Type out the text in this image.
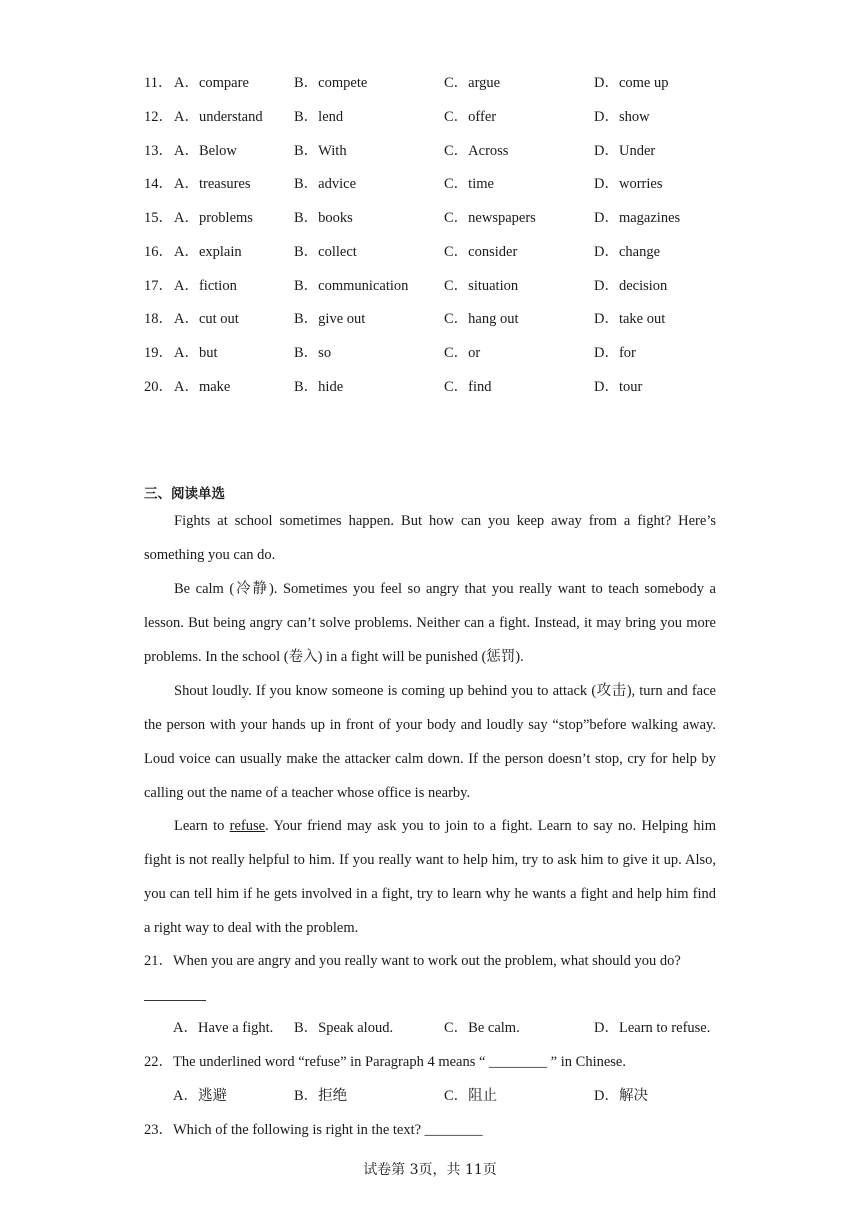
11． A．compare	B．compete	C．argue	D．come up
12． A．understand B．lend	C．offer	D．show
13． A．Below	B．With	C．Across	D．Under
14． A．treasures	B．advice	C．time	D．worries
15． A．problems	B．books	C．newspapers	D．magazines
16． A．explain	B．collect	C．consider	D．change
17． A．fiction	B．communication C．situation	D．decision
18． A．cut out	B．give out	C．hang out	D．take out
19． A．but	B．so	C．or	D．for
20． A．make	B．hide	C．find	D．tour
三、阅读单选

Fights at school sometimes happen. But how can you keep away from a fight? Here’s something you can do.

Be calm (冷静). Sometimes you feel so angry that you really want to teach somebody a lesson. But being angry can’t solve problems. Neither can a fight. Instead, it may bring you more problems. In the school (卷入) in a fight will be punished (惩罚).

Shout loudly. If you know someone is coming up behind you to attack (攻击), turn and face the person with your hands up in front of your body and loudly say “stop”before walking away. Loud voice can usually make the attacker calm down. If the person doesn’t stop, cry for help by calling out the name of a teacher whose office is nearby.

Learn to refuse. Your friend may ask you to join to a fight. Learn to say no. Helping him fight is not really helpful to him. If you really want to help him, try to ask him to give it up. Also, you can tell him if he gets involved in a fight, try to learn why he wants a fight and help him find a right way to deal with the problem.

21．When you are angry and you really want to work out the problem, what should you do?
A．Have a fight. B．Speak aloud.	C．Be calm.	D．Learn to refuse.
22．The underlined word “refuse” in Paragraph 4 means “ ________ ” in Chinese.
A．逃避	B．拒绝	C．阻止	D．解决
23．Which of the following is right in the text? ________
试卷第 3页，共 11页
